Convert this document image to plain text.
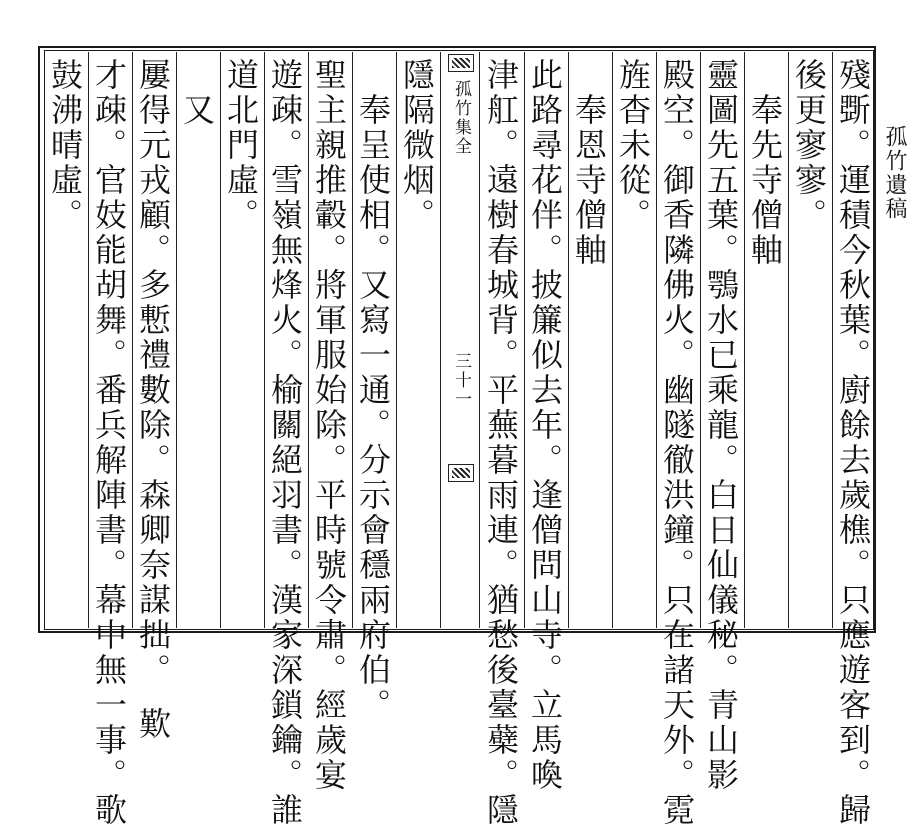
孤竹遺稿
殘斲。運積今秋葉。廚餘去歲樵。只應遊客到。歸
後更寥寥。
　奉先寺僧軸
靈圖先五葉。鶚水已乘龍。白日仙儀秘。青山影
殿空。御香隣佛火。幽隧徹洪鐘。只在諸天外。霓
旌杳未從。
　奉恩寺僧軸
此路尋花伴。披簾似去年。逢僧問山寺。立馬喚
津舡。遠樹春城背。平蕪暮雨連。猶愁後臺蘗。隱
孤竹集全
三十一
隱隔微烟。
　奉呈使相。又寫一通。分示會穩兩府伯。
聖主親推轂。將軍服始除。平時號令肅。經歲宴
遊疎。雪嶺無烽火。榆關絕羽書。漢家深鎖鑰。誰
道北門虛。
　又
屢得元戎顧。多慙禮數除。森卿奈謀拙。　歎
才疎。官妓能胡舞。番兵解陣書。幕中無一事。歌
鼓沸晴虛。
